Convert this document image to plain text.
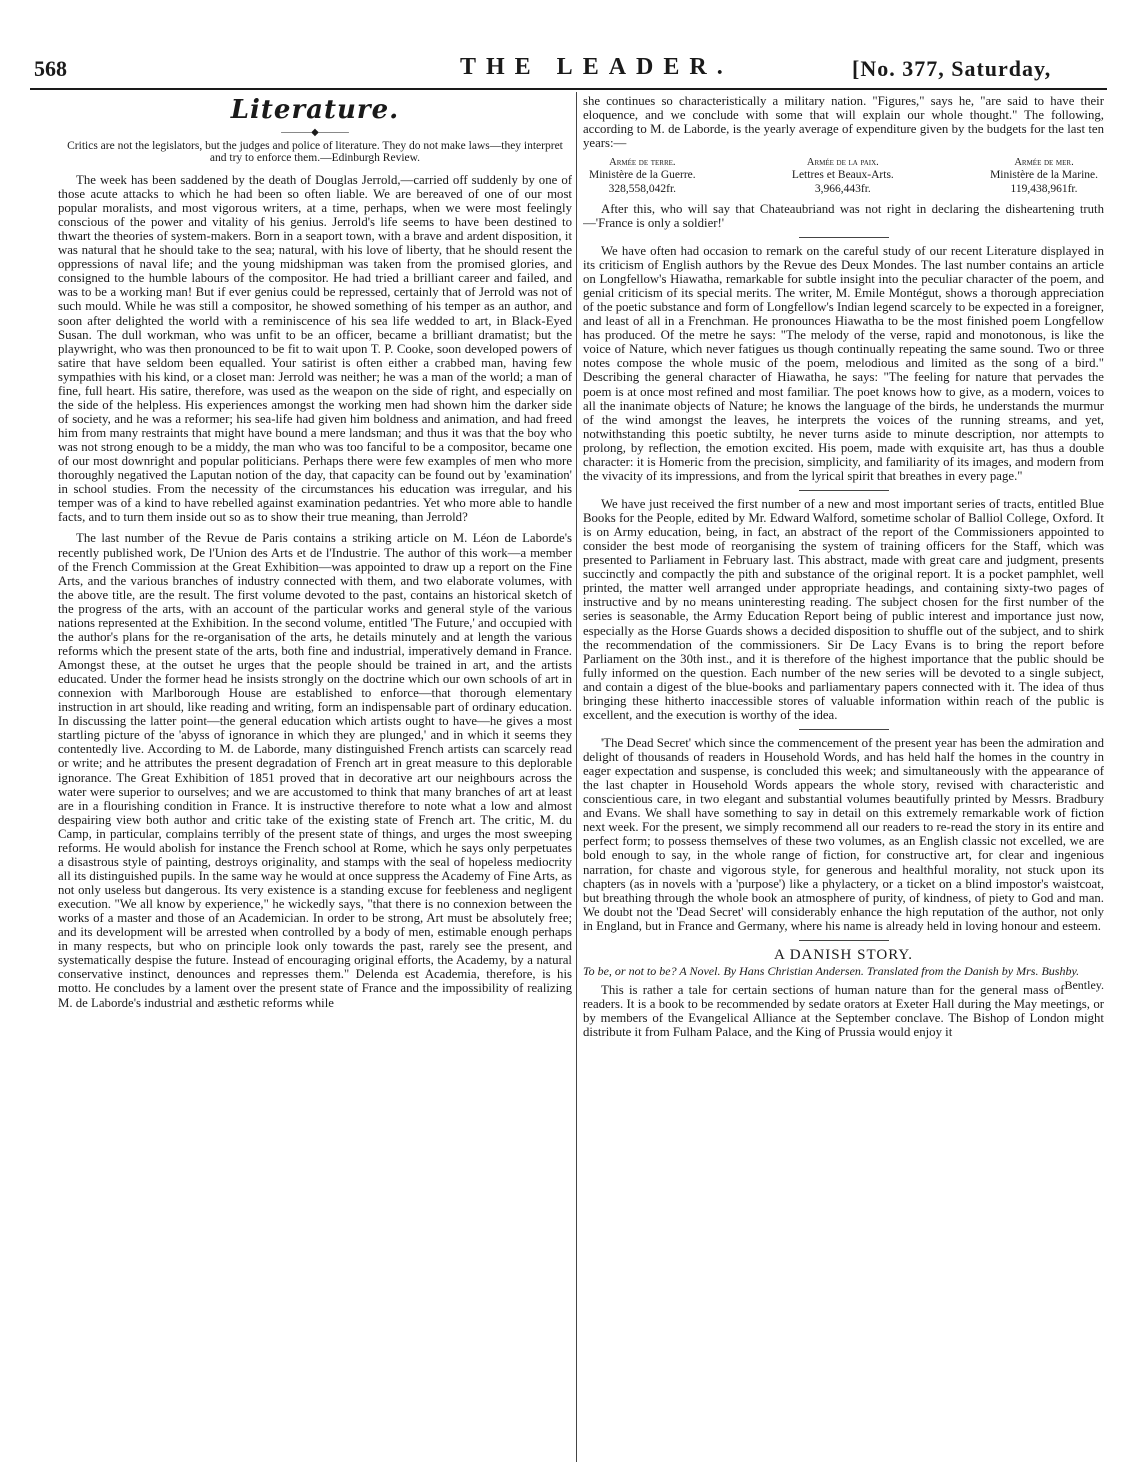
568	THE LEADER.	[No. 377, Saturday,
Literature.
―――◆―――
Critics are not the legislators, but the judges and police of literature. They do not make laws—they interpret and try to enforce them.—Edinburgh Review.

The week has been saddened by the death of Douglas Jerrold,—carried off suddenly by one of those acute attacks to which he had been so often liable. We are bereaved of one of our most popular moralists, and most vigorous writers, at a time, perhaps, when we were most feelingly conscious of the power and vitality of his genius. Jerrold's life seems to have been destined to thwart the theories of system-makers. Born in a seaport town, with a brave and ardent disposition, it was natural that he should take to the sea; natural, with his love of liberty, that he should resent the oppressions of naval life; and the young midshipman was taken from the promised glories, and consigned to the humble labours of the compositor. He had tried a brilliant career and failed, and was to be a working man! But if ever genius could be repressed, certainly that of Jerrold was not of such mould. While he was still a compositor, he showed something of his temper as an author, and soon after delighted the world with a reminiscence of his sea life wedded to art, in Black-Eyed Susan. The dull workman, who was unfit to be an officer, became a brilliant dramatist; but the playwright, who was then pronounced to be fit to wait upon T. P. Cooke, soon developed powers of satire that have seldom been equalled. Your satirist is often either a crabbed man, having few sympathies with his kind, or a closet man: Jerrold was neither; he was a man of the world; a man of fine, full heart. His satire, therefore, was used as the weapon on the side of right, and especially on the side of the helpless. His experiences amongst the working men had shown him the darker side of society, and he was a reformer; his sea-life had given him boldness and animation, and had freed him from many restraints that might have bound a mere landsman; and thus it was that the boy who was not strong enough to be a middy, the man who was too fanciful to be a compositor, became one of our most downright and popular politicians. Perhaps there were few examples of men who more thoroughly negatived the Laputan notion of the day, that capacity can be found out by 'examination' in school studies. From the necessity of the circumstances his education was irregular, and his temper was of a kind to have rebelled against examination pedantries. Yet who more able to handle facts, and to turn them inside out so as to show their true meaning, than Jerrold?

The last number of the Revue de Paris contains a striking article on M. Léon de Laborde's recently published work, De l'Union des Arts et de l'Industrie. The author of this work—a member of the French Commission at the Great Exhibition—was appointed to draw up a report on the Fine Arts, and the various branches of industry connected with them, and two elaborate volumes, with the above title, are the result. The first volume devoted to the past, contains an historical sketch of the progress of the arts, with an account of the particular works and general style of the various nations represented at the Exhibition. In the second volume, entitled 'The Future,' and occupied with the author's plans for the re-organisation of the arts, he details minutely and at length the various reforms which the present state of the arts, both fine and industrial, imperatively demand in France. Amongst these, at the outset he urges that the people should be trained in art, and the artists educated. Under the former head he insists strongly on the doctrine which our own schools of art in connexion with Marlborough House are established to enforce—that thorough elementary instruction in art should, like reading and writing, form an indispensable part of ordinary education. In discussing the latter point—the general education which artists ought to have—he gives a most startling picture of the 'abyss of ignorance in which they are plunged,' and in which it seems they contentedly live. According to M. de Laborde, many distinguished French artists can scarcely read or write; and he attributes the present degradation of French art in great measure to this deplorable ignorance. The Great Exhibition of 1851 proved that in decorative art our neighbours across the water were superior to ourselves; and we are accustomed to think that many branches of art at least are in a flourishing condition in France. It is instructive therefore to note what a low and almost despairing view both author and critic take of the existing state of French art. The critic, M. du Camp, in particular, complains terribly of the present state of things, and urges the most sweeping reforms. He would abolish for instance the French school at Rome, which he says only perpetuates a disastrous style of painting, destroys originality, and stamps with the seal of hopeless mediocrity all its distinguished pupils. In the same way he would at once suppress the Academy of Fine Arts, as not only useless but dangerous. Its very existence is a standing excuse for feebleness and negligent execution. "We all know by experience," he wickedly says, "that there is no connexion between the works of a master and those of an Academician. In order to be strong, Art must be absolutely free; and its development will be arrested when controlled by a body of men, estimable enough perhaps in many respects, but who on principle look only towards the past, rarely see the present, and systematically despise the future. Instead of encouraging original efforts, the Academy, by a natural conservative instinct, denounces and represses them." Delenda est Academia, therefore, is his motto. He concludes by a lament over the present state of France and the impossibility of realizing M. de Laborde's industrial and æsthetic reforms while

she continues so characteristically a military nation. "Figures," says he, "are said to have their eloquence, and we conclude with some that will explain our whole thought." The following, according to M. de Laborde, is the yearly average of expenditure given by the budgets for the last ten years:—

Armée de terre.
Ministère de la Guerre.
328,558,042fr.
Armée de la paix.
Lettres et Beaux-Arts.
3,966,443fr.
Armée de mer.
Ministère de la Marine.
119,438,961fr.

After this, who will say that Chateaubriand was not right in declaring the disheartening truth—'France is only a soldier!'

We have often had occasion to remark on the careful study of our recent Literature displayed in its criticism of English authors by the Revue des Deux Mondes. The last number contains an article on Longfellow's Hiawatha, remarkable for subtle insight into the peculiar character of the poem, and genial criticism of its special merits. The writer, M. Emile Montégut, shows a thorough appreciation of the poetic substance and form of Longfellow's Indian legend scarcely to be expected in a foreigner, and least of all in a Frenchman. He pronounces Hiawatha to be the most finished poem Longfellow has produced. Of the metre he says: "The melody of the verse, rapid and monotonous, is like the voice of Nature, which never fatigues us though continually repeating the same sound. Two or three notes compose the whole music of the poem, melodious and limited as the song of a bird." Describing the general character of Hiawatha, he says: "The feeling for nature that pervades the poem is at once most refined and most familiar. The poet knows how to give, as a modern, voices to all the inanimate objects of Nature; he knows the language of the birds, he understands the murmur of the wind amongst the leaves, he interprets the voices of the running streams, and yet, notwithstanding this poetic subtilty, he never turns aside to minute description, nor attempts to prolong, by reflection, the emotion excited. His poem, made with exquisite art, has thus a double character: it is Homeric from the precision, simplicity, and familiarity of its images, and modern from the vivacity of its impressions, and from the lyrical spirit that breathes in every page."

We have just received the first number of a new and most important series of tracts, entitled Blue Books for the People, edited by Mr. Edward Walford, sometime scholar of Balliol College, Oxford. It is on Army education, being, in fact, an abstract of the report of the Commissioners appointed to consider the best mode of reorganising the system of training officers for the Staff, which was presented to Parliament in February last. This abstract, made with great care and judgment, presents succinctly and compactly the pith and substance of the original report. It is a pocket pamphlet, well printed, the matter well arranged under appropriate headings, and containing sixty-two pages of instructive and by no means uninteresting reading. The subject chosen for the first number of the series is seasonable, the Army Education Report being of public interest and importance just now, especially as the Horse Guards shows a decided disposition to shuffle out of the subject, and to shirk the recommendation of the commissioners. Sir De Lacy Evans is to bring the report before Parliament on the 30th inst., and it is therefore of the highest importance that the public should be fully informed on the question. Each number of the new series will be devoted to a single subject, and contain a digest of the blue-books and parliamentary papers connected with it. The idea of thus bringing these hitherto inaccessible stores of valuable information within reach of the public is excellent, and the execution is worthy of the idea.

'The Dead Secret' which since the commencement of the present year has been the admiration and delight of thousands of readers in Household Words, and has held half the homes in the country in eager expectation and suspense, is concluded this week; and simultaneously with the appearance of the last chapter in Household Words appears the whole story, revised with characteristic and conscientious care, in two elegant and substantial volumes beautifully printed by Messrs. Bradbury and Evans. We shall have something to say in detail on this extremely remarkable work of fiction next week. For the present, we simply recommend all our readers to re-read the story in its entire and perfect form; to possess themselves of these two volumes, as an English classic not excelled, we are bold enough to say, in the whole range of fiction, for constructive art, for clear and ingenious narration, for chaste and vigorous style, for generous and healthful morality, not stuck upon its chapters (as in novels with a 'purpose') like a phylactery, or a ticket on a blind impostor's waistcoat, but breathing through the whole book an atmosphere of purity, of kindness, of piety to God and man. We doubt not the 'Dead Secret' will considerably enhance the high reputation of the author, not only in England, but in France and Germany, where his name is already held in loving honour and esteem.

A DANISH STORY.
To be, or not to be? A Novel. By Hans Christian Andersen. Translated from the Danish by Mrs. Bushby.
Bentley.

This is rather a tale for certain sections of human nature than for the general mass of readers. It is a book to be recommended by sedate orators at Exeter Hall during the May meetings, or by members of the Evangelical Alliance at the September conclave. The Bishop of London might distribute it from Fulham Palace, and the King of Prussia would enjoy it
